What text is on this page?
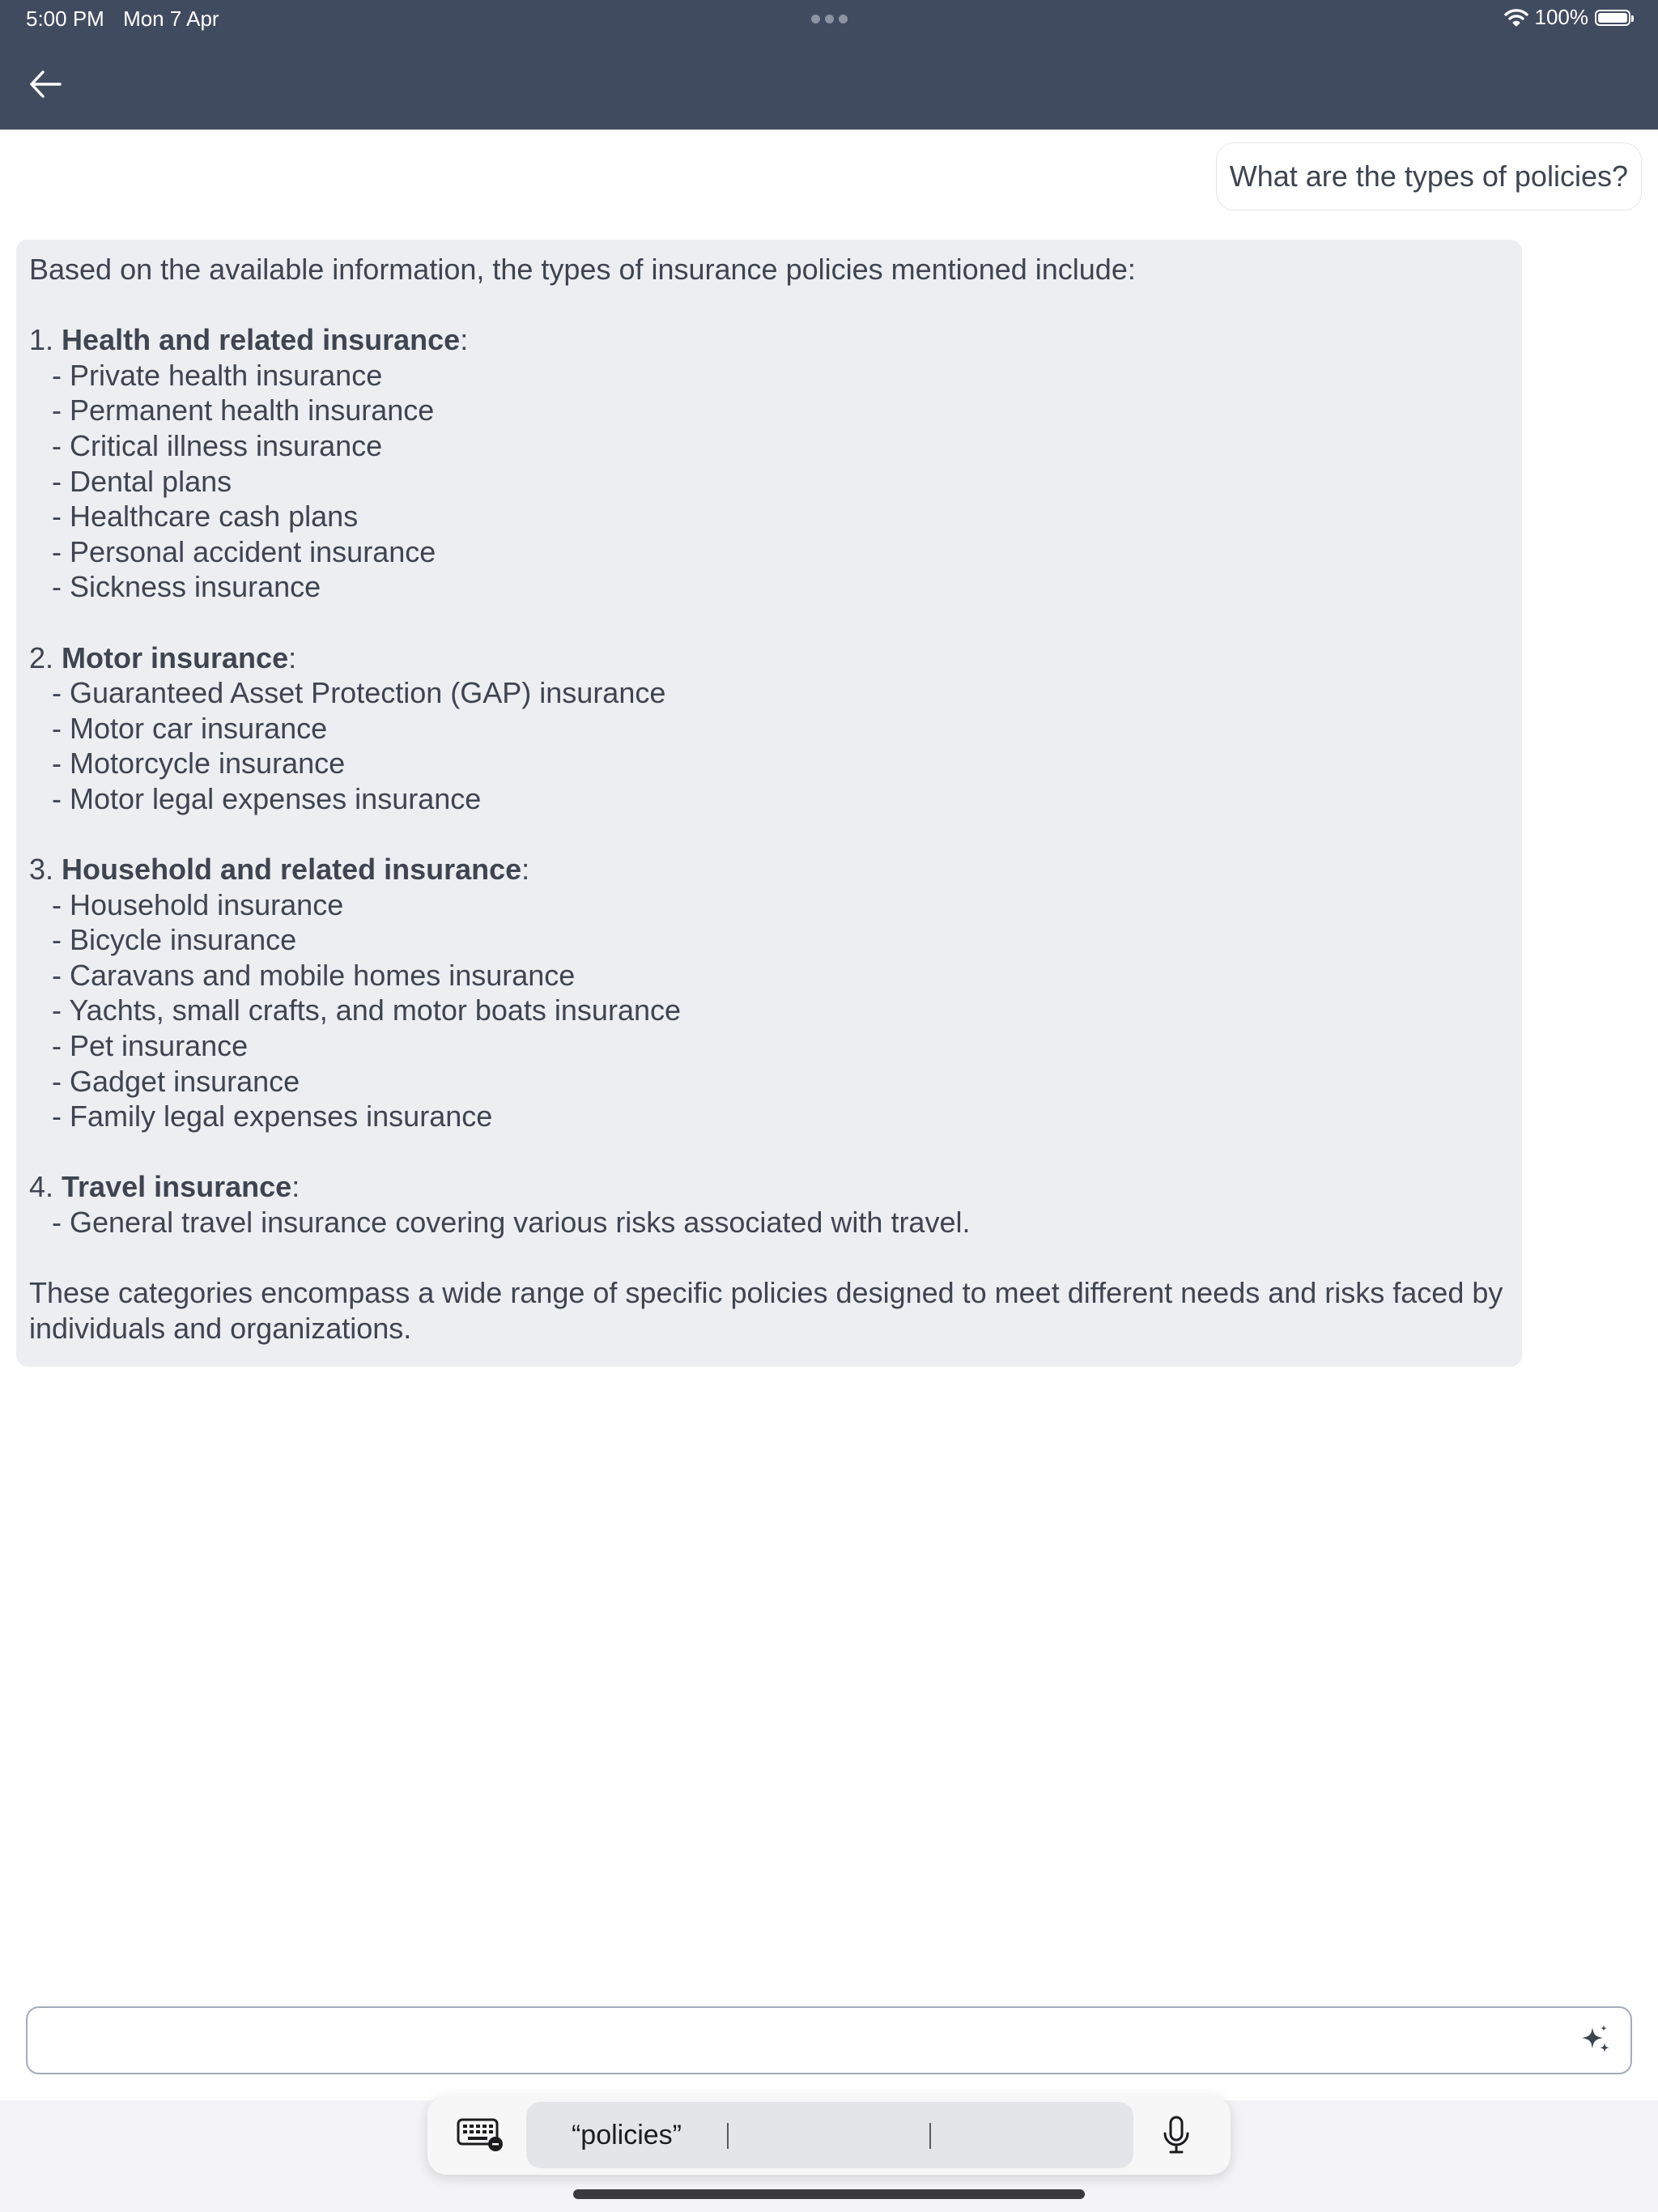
5:00 PM Mon 7 Apr	100%
What are the types of policies?

Based on the available information, the types of insurance policies mentioned include:

1. Health and related insurance:

- Private health insurance

- Permanent health insurance

- Critical illness insurance

- Dental plans

- Healthcare cash plans

- Personal accident insurance

- Sickness insurance

2. Motor insurance:

- Guaranteed Asset Protection (GAP) insurance

- Motor car insurance

- Motorcycle insurance

- Motor legal expenses insurance

3. Household and related insurance:

- Household insurance

- Bicycle insurance

- Caravans and mobile homes insurance

- Yachts, small crafts, and motor boats insurance

- Pet insurance

- Gadget insurance

- Family legal expenses insurance

4. Travel insurance:

- General travel insurance covering various risks associated with travel.

These categories encompass a wide range of specific policies designed to meet different needs and risks faced by individuals and organizations.

“policies”
